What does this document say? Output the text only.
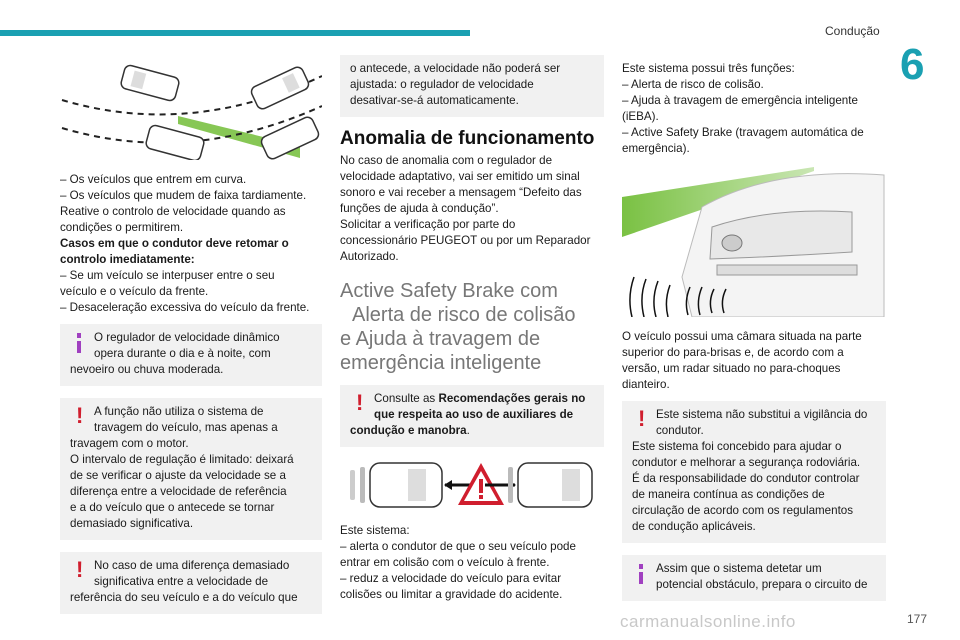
Condução
6

– Os veículos que entrem em curva.

– Os veículos que mudem de faixa tardiamente.

Reative o controlo de velocidade quando as

condições o permitirem.

Casos em que o condutor deve retomar o

controlo imediatamente:

– Se um veículo se interpuser entre o seu

veículo e o veículo da frente.

– Desaceleração excessiva do veículo da frente.

O regulador de velocidade dinâmico

opera durante o dia e à noite, com

nevoeiro ou chuva moderada.

! A função não utiliza o sistema de

travagem do veículo, mas apenas a

travagem com o motor.

O intervalo de regulação é limitado: deixará

de se verificar o ajuste da velocidade se a

diferença entre a velocidade de referência

e a do veículo que o antecede se tornar

demasiado significativa.

! No caso de uma diferença demasiado

significativa entre a velocidade de

referência do seu veículo e a do veículo que

o antecede, a velocidade não poderá ser

ajustada: o regulador de velocidade

desativar-se-á automaticamente.

Anomalia de funcionamento

No caso de anomalia com o regulador de

velocidade adaptativo, vai ser emitido um sinal

sonoro e vai receber a mensagem “Defeito das

funções de ajuda à condução”.

Solicitar a verificação por parte do

concessionário PEUGEOT ou por um Reparador

Autorizado.

Active Safety Brake com
Alerta de risco de colisão
e Ajuda à travagem de
emergência inteligente
! Consulte as Recomendações gerais no

que respeita ao uso de auxiliares de

condução e manobra.

Este sistema:

– alerta o condutor de que o seu veículo pode

entrar em colisão com o veículo à frente.

– reduz a velocidade do veículo para evitar

colisões ou limitar a gravidade do acidente.

Este sistema possui três funções:

– Alerta de risco de colisão.

– Ajuda à travagem de emergência inteligente

(iEBA).

– Active Safety Brake (travagem automática de

emergência).

O veículo possui uma câmara situada na parte

superior do para-brisas e, de acordo com a

versão, um radar situado no para-choques

dianteiro.

! Este sistema não substitui a vigilância do

condutor.

Este sistema foi concebido para ajudar o

condutor e melhorar a segurança rodoviária.

É da responsabilidade do condutor controlar

de maneira contínua as condições de

circulação de acordo com os regulamentos

de condução aplicáveis.

Assim que o sistema detetar um

potencial obstáculo, prepara o circuito de

carmanualsonline.info	177
